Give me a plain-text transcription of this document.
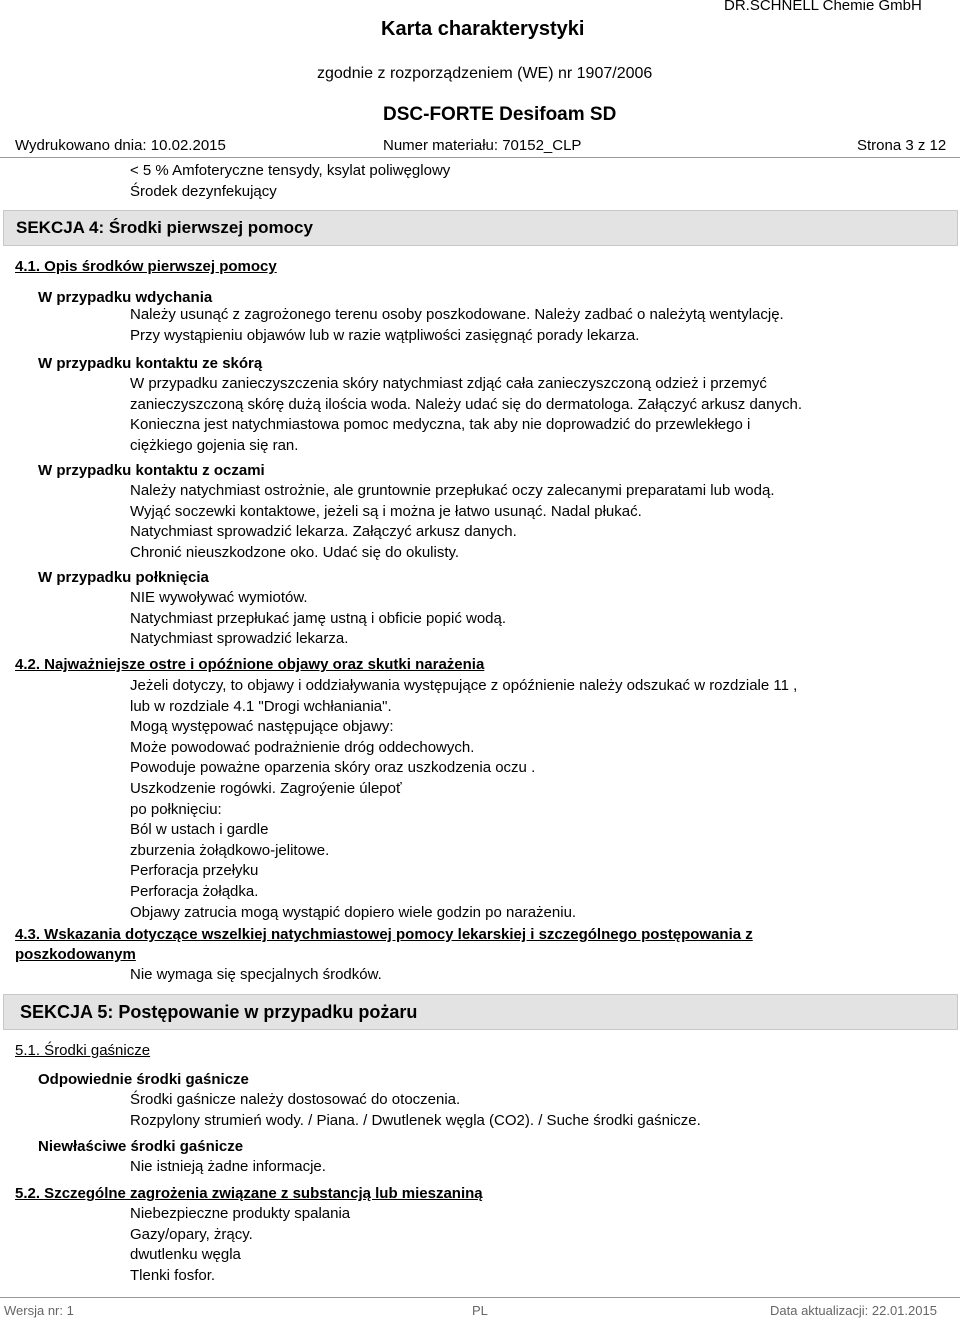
Karta charakterystyki
DR.SCHNELL Chemie GmbH
zgodnie z rozporządzeniem (WE) nr 1907/2006
DSC-FORTE Desifoam SD
Wydrukowano dnia: 10.02.2015	Numer materiału: 70152_CLP	Strona 3 z 12
< 5 % Amfoteryczne tensydy, ksylat poliwęglowy
Środek dezynfekujący
SEKCJA 4: Środki pierwszej pomocy
4.1. Opis środków pierwszej pomocy
W przypadku wdychania
Należy usunąć z zagrożonego terenu osoby poszkodowane. Należy zadbać o należytą wentylację.
Przy wystąpieniu objawów lub w razie wątpliwości zasięgnąć porady lekarza.
W przypadku kontaktu ze skórą
W przypadku zanieczyszczenia skóry natychmiast zdjąć cała zanieczyszczoną odzież i przemyć
zanieczyszczoną skórę dużą ilościa woda. Należy udać się do dermatologa. Załączyć arkusz danych.
Konieczna jest natychmiastowa pomoc medyczna, tak aby nie doprowadzić do przewlekłego i
ciężkiego gojenia się ran.
W przypadku kontaktu z oczami
Należy natychmiast ostrożnie, ale gruntownie przepłukać oczy zalecanymi preparatami lub wodą.
Wyjąć soczewki kontaktowe, jeżeli są i można je łatwo usunąć. Nadal płukać.
Natychmiast sprowadzić lekarza. Załączyć arkusz danych.
Chronić nieuszkodzone oko. Udać się do okulisty.
W przypadku połknięcia
NIE wywoływać wymiotów.
Natychmiast przepłukać jamę ustną i obficie popić wodą.
Natychmiast sprowadzić lekarza.
4.2. Najważniejsze ostre i opóźnione objawy oraz skutki narażenia
Jeżeli dotyczy, to objawy i oddziaływania występujące z opóźnienie należy odszukać w rozdziale 11 ,
lub w rozdziale 4.1 "Drogi wchłaniania".
Mogą występować następujące objawy:
Może powodować podrażnienie dróg oddechowych.
Powoduje poważne oparzenia skóry oraz uszkodzenia oczu .
Uszkodzenie rogówki. Zagroýenie úlepoť
po połknięciu:
Ból w ustach i gardle
zburzenia żołądkowo-jelitowe.
Perforacja przełyku
Perforacja żołądka.
Objawy zatrucia mogą wystąpić dopiero wiele godzin po narażeniu.
4.3. Wskazania dotyczące wszelkiej natychmiastowej pomocy lekarskiej i szczególnego postępowania z
poszkodowanym
Nie wymaga się specjalnych środków.
SEKCJA 5: Postępowanie w przypadku pożaru
5.1. Środki gaśnicze
Odpowiednie środki gaśnicze
Środki gaśnicze należy dostosować do otoczenia.
Rozpylony strumień wody. / Piana. / Dwutlenek węgla (CO2). / Suche środki gaśnicze.
Niewłaściwe środki gaśnicze
Nie istnieją żadne informacje.
5.2. Szczególne zagrożenia związane z substancją lub mieszaniną
Niebezpieczne produkty spalania
Gazy/opary, żrący.
dwutlenku węgla
Tlenki fosfor.
Wersja nr: 1	PL	Data aktualizacji: 22.01.2015
